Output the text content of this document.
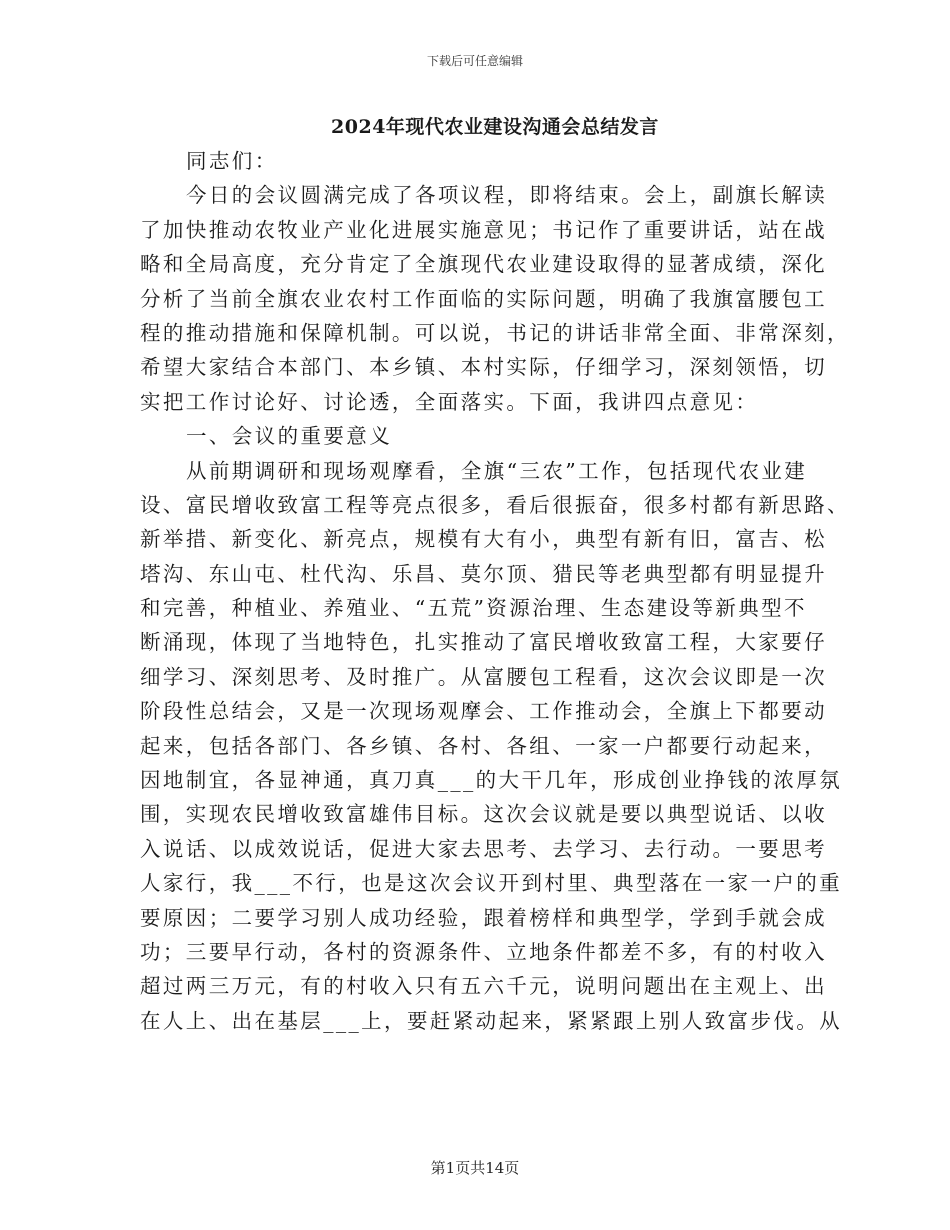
下载后可任意编辑
2024年现代农业建设沟通会总结发言
同志们：
今日的会议圆满完成了各项议程，即将结束。会上，副旗长解读
了加快推动农牧业产业化进展实施意见；书记作了重要讲话，站在战
略和全局高度，充分肯定了全旗现代农业建设取得的显著成绩，深化
分析了当前全旗农业农村工作面临的实际问题，明确了我旗富腰包工
程的推动措施和保障机制。可以说，书记的讲话非常全面、非常深刻，
希望大家结合本部门、本乡镇、本村实际，仔细学习，深刻领悟，切
实把工作讨论好、讨论透，全面落实。下面，我讲四点意见：
一、会议的重要意义
从前期调研和现场观摩看，全旗“三农”工作，包括现代农业建
设、富民增收致富工程等亮点很多，看后很振奋，很多村都有新思路、
新举措、新变化、新亮点，规模有大有小，典型有新有旧，富吉、松
塔沟、东山屯、杜代沟、乐昌、莫尔顶、猎民等老典型都有明显提升
和完善，种植业、养殖业、“五荒”资源治理、生态建设等新典型不
断涌现，体现了当地特色，扎实推动了富民增收致富工程，大家要仔
细学习、深刻思考、及时推广。从富腰包工程看，这次会议即是一次
阶段性总结会，又是一次现场观摩会、工作推动会，全旗上下都要动
起来，包括各部门、各乡镇、各村、各组、一家一户都要行动起来，
因地制宜，各显神通，真刀真___的大干几年，形成创业挣钱的浓厚氛
围，实现农民增收致富雄伟目标。这次会议就是要以典型说话、以收
入说话、以成效说话，促进大家去思考、去学习、去行动。一要思考
人家行，我___不行，也是这次会议开到村里、典型落在一家一户的重
要原因；二要学习别人成功经验，跟着榜样和典型学，学到手就会成
功；三要早行动，各村的资源条件、立地条件都差不多，有的村收入
超过两三万元，有的村收入只有五六千元，说明问题出在主观上、出
在人上、出在基层___上，要赶紧动起来，紧紧跟上别人致富步伐。从
第1页共14页
